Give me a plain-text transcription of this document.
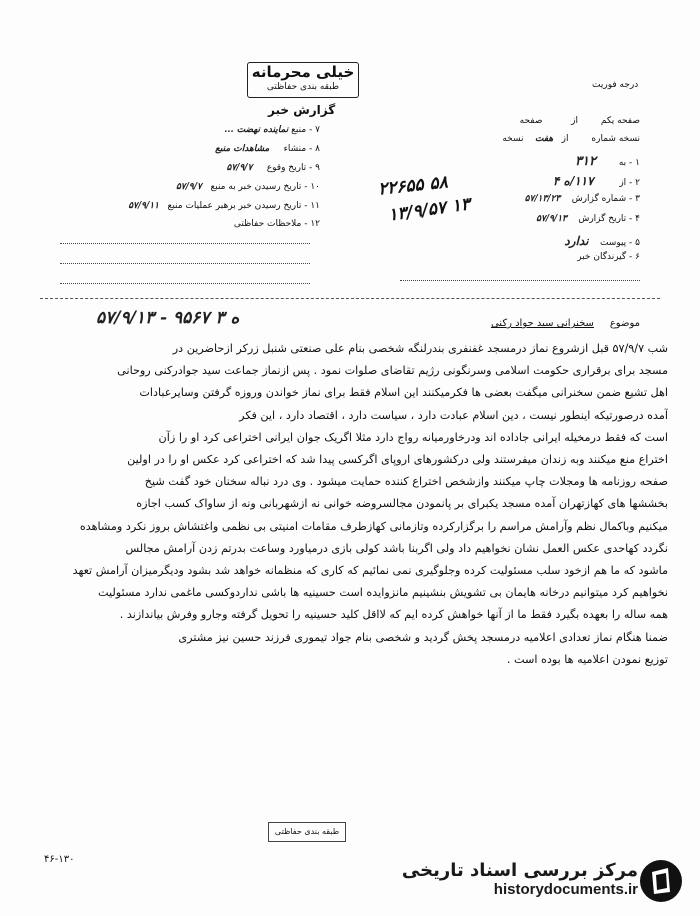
خیلی محرمانه
طبقه بندی حفاظتی
گزارش خبر
درجه فوریت
صفحه یکم        از          صفحه
نسخه شماره        از   هفت    نسخه
۱ - به        ۳۱۲
۲ - از         ۱۱۷/ه ۴
۳ - شماره گزارش    ۵۷/۱۳/۲۳
۴ - تاریخ گزارش    ۵۷/۹/۱۳
۵ - پیوست    ندارد
۶ - گیرندگان خبر
۲۲۶۵۵ ۵۸
۱۳/۹/۵۷ ۱۳
۷ - منبع نماینده نهضت ...
۸ - منشاء     مشاهدات منبع
۹ - تاریخ وقوع     ۵۷/۹/۷
۱۰ - تاریخ رسیدن خبر به منبع   ۵۷/۹/۷
۱۱ - تاریخ رسیدن خبر برهبر عملیات منبع   ۵۷/۹/۱۱
۱۲ - ملاحظات حفاظتی
موضوع     سخنرانی سید جواد رکنی
۵۷/۹/۱۳ - ۹۵۶۷ ه ۳

شب ۵۷/۹/۷ قبل ازشروع نماز درمسجد غفنفری بندرلنگه شخصی بنام علی صنعتی شنبل زرکر ازحاضرین در

مسجد برای برقراری حکومت اسلامی وسرنگونی رژیم تقاضای صلوات نمود . پس ازنماز جماعت سید جوادرکنی روحانی

اهل تشیع ضمن سخنرانی میگفت بعضی ها فکرمیکنند این اسلام فقط برای نماز خواندن وروزه گرفتن وسایرعبادات

آمده درصورتیکه اینطور نیست ، دین اسلام عبادت دارد ، سیاست دارد ، اقتصاد دارد ، این فکر

است که فقط درمخیله ایرانی جاداده اند ودرخاورمیانه رواج دارد مثلا اگریک جوان ایرانی اختراعی کرد او را زآن

اختراع منع میکنند وبه زندان میفرستند ولی درکشورهای اروپای اگرکسی پیدا شد که اختراعی کرد عکس او را در اولین

صفحه روزنامه ها ومجلات چاپ میکنند وازشخص اختراع کننده حمایت میشود . وی درد نباله سخنان خود گفت شیخ

بخششها های کهازتهران آمده مسجد یکبرای بر پانمودن مجالسروضه خوانی نه ازشهربانی ونه از ساواک کسب اجازه

میکنیم وباکمال نظم وآرامش مراسم را برگزارکرده وتازمانی کهازطرف مقامات امنیتی بی نظمی واغتشاش بروز نکرد ومشاهده

نگردد کهاحدی عکس العمل نشان نخواهیم داد ولی اگربنا باشد کولی بازی درمیاورد وساعت بدرتم زدن آرامش مجالس

ماشود که ما هم ازخود سلب مسئولیت کرده وجلوگیری نمی نمائیم که کاری که منظمانه خواهد شد بشود ودیگرمیزان آرامش تعهد

نخواهیم کرد میتوانیم درخانه هایمان بی تشویش بنشینیم مانزوایده است حسینیه ها باشی نداردوکسی ماغمی ندارد مسئولیت

همه ساله را بعهده بگیرد فقط ما از آنها خواهش کرده ایم که لااقل کلید حسینیه را تحویل گرفته وجارو وفرش بیاندازند .

ضمنا هنگام نماز تعدادی اعلامیه درمسجد پخش گردید و شخصی بنام جواد تیموری فرزند حسین نیز مشتری

توزیع نمودن اعلامیه ها بوده است .

طبقه بندی حفاظتی
۴۶-۱۳۰
مرکز بررسی اسناد تاریخی
historydocuments.ir
